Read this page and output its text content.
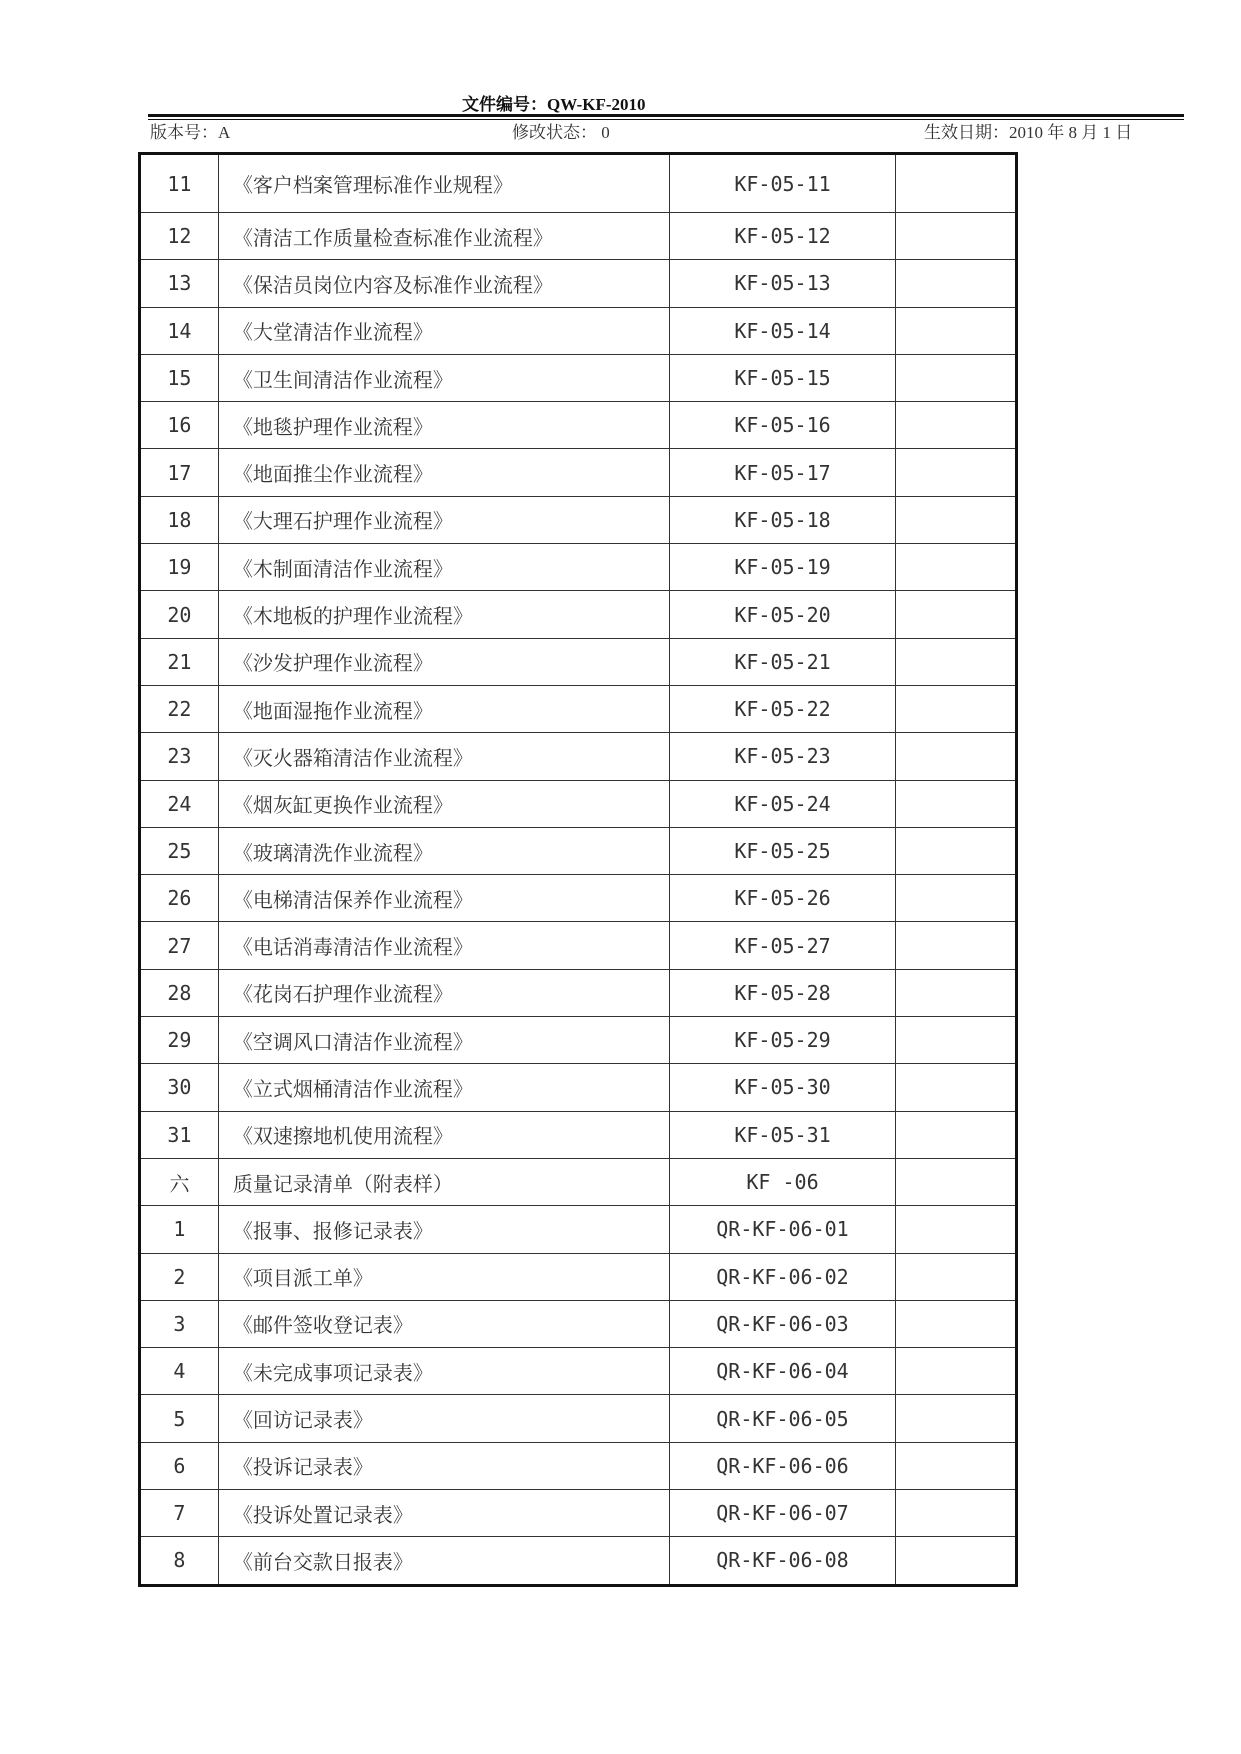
文件编号：QW-KF-2010
版本号：A	修改状态： 0	生效日期：2010 年 8 月 1 日
11	《客户档案管理标准作业规程》	KF-05-11	
12	《清洁工作质量检查标准作业流程》	KF-05-12	
13	《保洁员岗位内容及标准作业流程》	KF-05-13	
14	《大堂清洁作业流程》	KF-05-14	
15	《卫生间清洁作业流程》	KF-05-15	
16	《地毯护理作业流程》	KF-05-16	
17	《地面推尘作业流程》	KF-05-17	
18	《大理石护理作业流程》	KF-05-18	
19	《木制面清洁作业流程》	KF-05-19	
20	《木地板的护理作业流程》	KF-05-20	
21	《沙发护理作业流程》	KF-05-21	
22	《地面湿拖作业流程》	KF-05-22	
23	《灭火器箱清洁作业流程》	KF-05-23	
24	《烟灰缸更换作业流程》	KF-05-24	
25	《玻璃清洗作业流程》	KF-05-25	
26	《电梯清洁保养作业流程》	KF-05-26	
27	《电话消毒清洁作业流程》	KF-05-27	
28	《花岗石护理作业流程》	KF-05-28	
29	《空调风口清洁作业流程》	KF-05-29	
30	《立式烟桶清洁作业流程》	KF-05-30	
31	《双速擦地机使用流程》	KF-05-31	
六	质量记录清单（附表样）	KF -06	
1	《报事、报修记录表》	QR-KF-06-01	
2	《项目派工单》	QR-KF-06-02	
3	《邮件签收登记表》	QR-KF-06-03	
4	《未完成事项记录表》	QR-KF-06-04	
5	《回访记录表》	QR-KF-06-05	
6	《投诉记录表》	QR-KF-06-06	
7	《投诉处置记录表》	QR-KF-06-07	
8	《前台交款日报表》	QR-KF-06-08	
